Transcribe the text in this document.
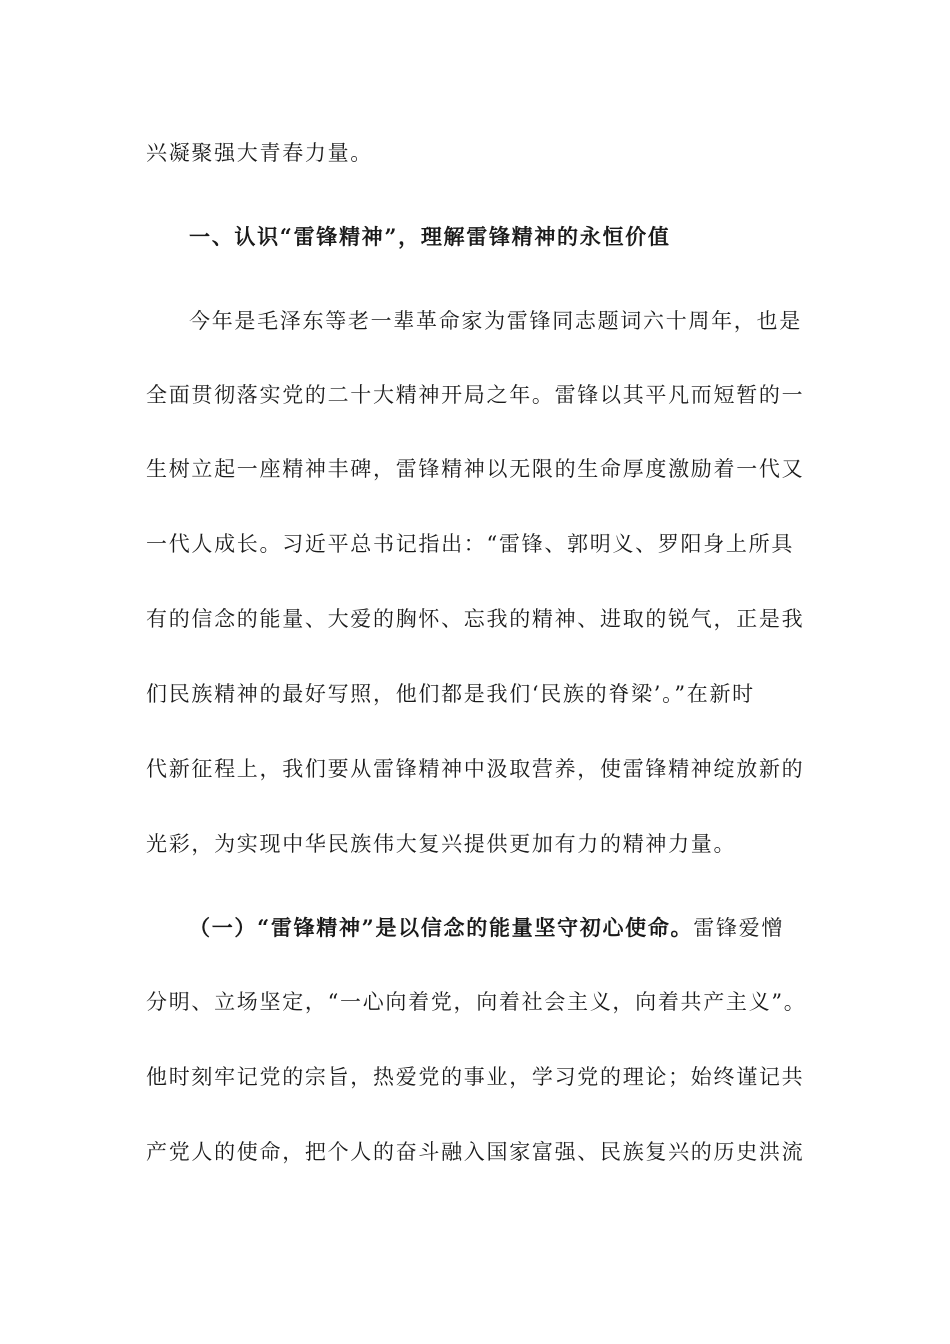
兴凝聚强大青春力量。
一、认识“雷锋精神”，理解雷锋精神的永恒价值
今年是毛泽东等老一辈革命家为雷锋同志题词六十周年，也是
全面贯彻落实党的二十大精神开局之年。雷锋以其平凡而短暂的一
生树立起一座精神丰碑，雷锋精神以无限的生命厚度激励着一代又
一代人成长。习近平总书记指出：“雷锋、郭明义、罗阳身上所具
有的信念的能量、大爱的胸怀、忘我的精神、进取的锐气，正是我
们民族精神的最好写照，他们都是我们‘民族的脊梁’。”在新时
代新征程上，我们要从雷锋精神中汲取营养，使雷锋精神绽放新的
光彩，为实现中华民族伟大复兴提供更加有力的精神力量。
（一）“雷锋精神”是以信念的能量坚守初心使命。雷锋爱憎
分明、立场坚定，“一心向着党，向着社会主义，向着共产主义”。
他时刻牢记党的宗旨，热爱党的事业，学习党的理论；始终谨记共
产党人的使命，把个人的奋斗融入国家富强、民族复兴的历史洪流
